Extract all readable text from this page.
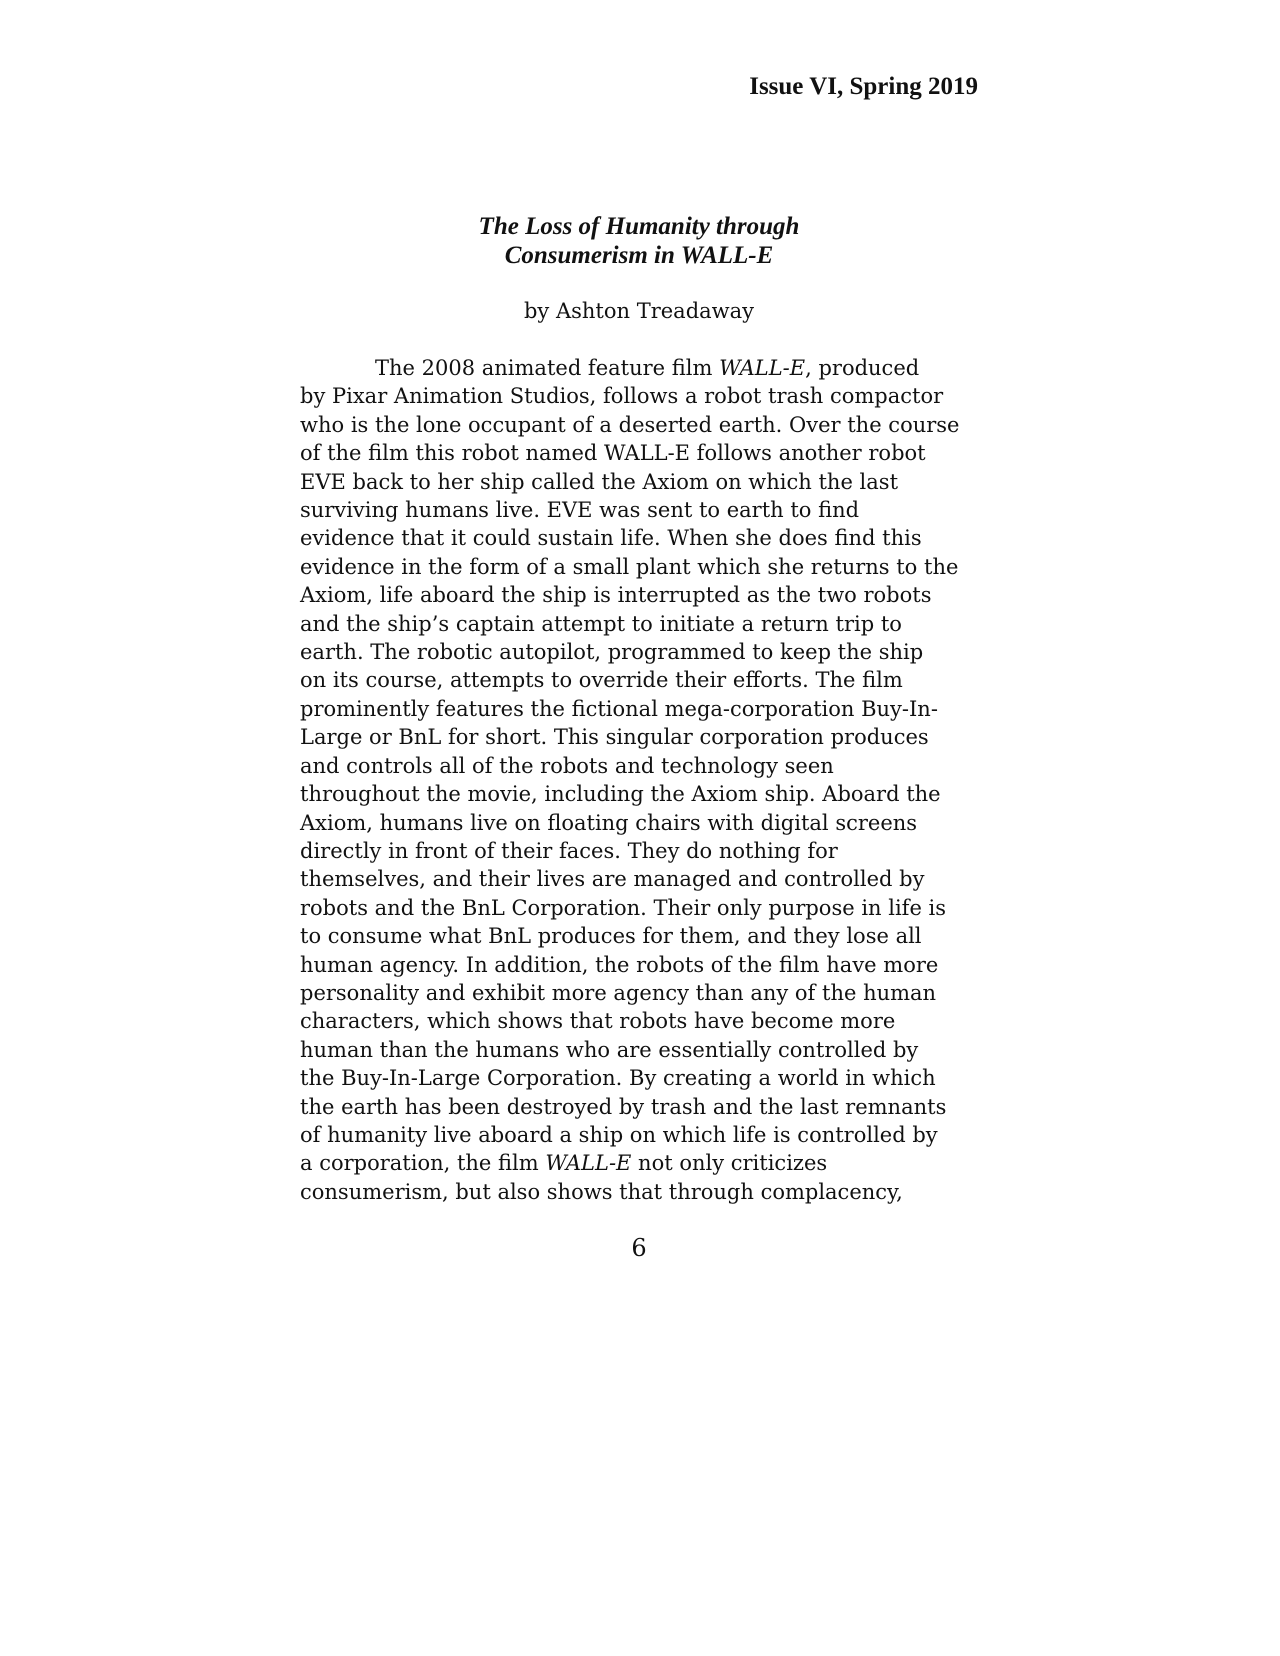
Issue VI, Spring 2019

The Loss of Humanity through
Consumerism in WALL-E

by Ashton Treadaway

The 2008 animated feature film WALL-E, produced
by Pixar Animation Studios, follows a robot trash compactor
who is the lone occupant of a deserted earth. Over the course
of the film this robot named WALL-E follows another robot
EVE back to her ship called the Axiom on which the last
surviving humans live. EVE was sent to earth to find
evidence that it could sustain life. When she does find this
evidence in the form of a small plant which she returns to the
Axiom, life aboard the ship is interrupted as the two robots
and the ship’s captain attempt to initiate a return trip to
earth. The robotic autopilot, programmed to keep the ship
on its course, attempts to override their efforts. The film
prominently features the fictional mega-corporation Buy-In-
Large or BnL for short. This singular corporation produces
and controls all of the robots and technology seen
throughout the movie, including the Axiom ship. Aboard the
Axiom, humans live on floating chairs with digital screens
directly in front of their faces. They do nothing for
themselves, and their lives are managed and controlled by
robots and the BnL Corporation. Their only purpose in life is
to consume what BnL produces for them, and they lose all
human agency. In addition, the robots of the film have more
personality and exhibit more agency than any of the human
characters, which shows that robots have become more
human than the humans who are essentially controlled by
the Buy-In-Large Corporation. By creating a world in which
the earth has been destroyed by trash and the last remnants
of humanity live aboard a ship on which life is controlled by
a corporation, the film WALL-E not only criticizes
consumerism, but also shows that through complacency,

6
